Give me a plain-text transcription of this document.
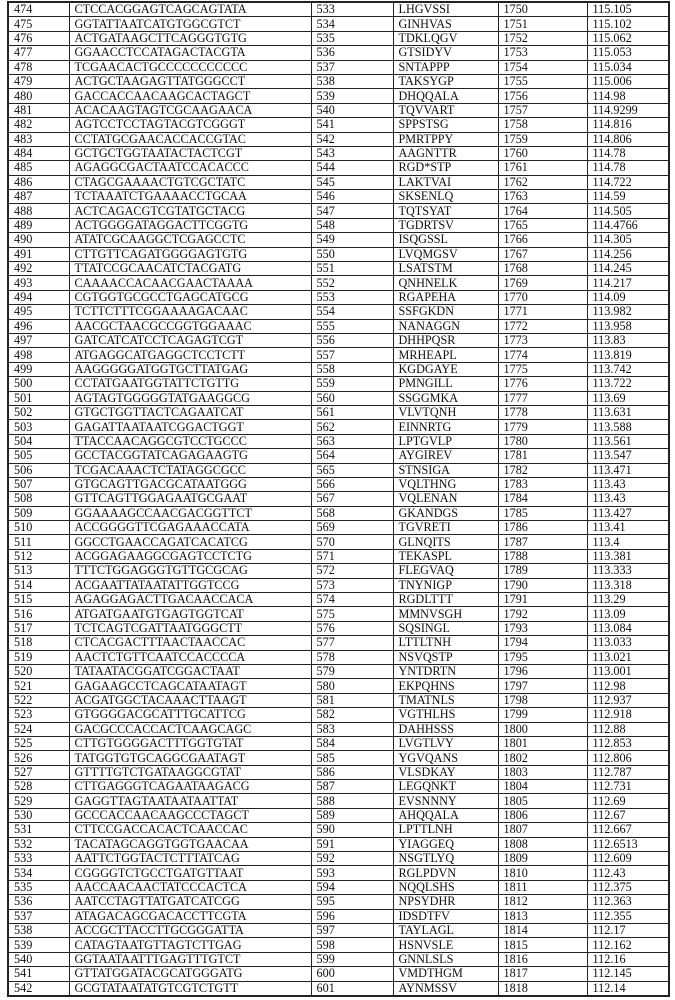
474	CTCCACGGAGTCAGCAGTATA	533	LHGVSSI	1750	115.105
475	GGTATTAATCATGTGGCGTCT	534	GINHVAS	1751	115.102
476	ACTGATAAGCTTCAGGGTGTG	535	TDKLQGV	1752	115.062
477	GGAACCTCCATAGACTACGTA	536	GTSIDYV	1753	115.053
478	TCGAACACTGCCCCCCCCCCC	537	SNTAPPP	1754	115.034
479	ACTGCTAAGAGTTATGGGCCT	538	TAKSYGP	1755	115.006
480	GACCACCAACAAGCACTAGCT	539	DHQQALA	1756	114.98
481	ACACAAGTAGTCGCAAGAACA	540	TQVVART	1757	114.9299
482	AGTCCTCCTAGTACGTCGGGT	541	SPPSTSG	1758	114.816
483	CCTATGCGAACACCACCGTAC	542	PMRTPPY	1759	114.806
484	GCTGCTGGTAATACTACTCGT	543	AAGNTTR	1760	114.78
485	AGAGGCGACTAATCCACACCC	544	RGD*STP	1761	114.78
486	CTAGCGAAAACTGTCGCTATC	545	LAKTVAI	1762	114.722
487	TCTAAATCTGAAAACCTGCAA	546	SKSENLQ	1763	114.59
488	ACTCAGACGTCGTATGCTACG	547	TQTSYAT	1764	114.505
489	ACTGGGGATAGGACTTCGGTG	548	TGDRTSV	1765	114.4766
490	ATATCGCAAGGCTCGAGCCTC	549	ISQGSSL	1766	114.305
491	CTTGTTCAGATGGGGAGTGTG	550	LVQMGSV	1767	114.256
492	TTATCCGCAACATCTACGATG	551	LSATSTM	1768	114.245
493	CAAAACCACAACGAACTAAAA	552	QNHNELK	1769	114.217
494	CGTGGTGCGCCTGAGCATGCG	553	RGAPEHA	1770	114.09
495	TCTTCTTTCGGAAAAGACAAC	554	SSFGKDN	1771	113.982
496	AACGCTAACGCCGGTGGAAAC	555	NANAGGN	1772	113.958
497	GATCATCATCCTCAGAGTCGT	556	DHHPQSR	1773	113.83
498	ATGAGGCATGAGGCTCCTCTT	557	MRHEAPL	1774	113.819
499	AAGGGGGATGGTGCTTATGAG	558	KGDGAYE	1775	113.742
500	CCTATGAATGGTATTCTGTTG	559	PMNGILL	1776	113.722
501	AGTAGTGGGGGTATGAAGGCG	560	SSGGMKA	1777	113.69
502	GTGCTGGTTACTCAGAATCAT	561	VLVTQNH	1778	113.631
503	GAGATTAATAATCGGACTGGT	562	EINNRTG	1779	113.588
504	TTACCAACAGGCGTCCTGCCC	563	LPTGVLP	1780	113.561
505	GCCTACGGTATCAGAGAAGTG	564	AYGIREV	1781	113.547
506	TCGACAAACTCTATAGGCGCC	565	STNSIGA	1782	113.471
507	GTGCAGTTGACGCATAATGGG	566	VQLTHNG	1783	113.43
508	GTTCAGTTGGAGAATGCGAAT	567	VQLENAN	1784	113.43
509	GGAAAAGCCAACGACGGTTCT	568	GKANDGS	1785	113.427
510	ACCGGGGTTCGAGAAACCATA	569	TGVRETI	1786	113.41
511	GGCCTGAACCAGATCACATCG	570	GLNQITS	1787	113.4
512	ACGGAGAAGGCGAGTCCTCTG	571	TEKASPL	1788	113.381
513	TTTCTGGAGGGTGTTGCGCAG	572	FLEGVAQ	1789	113.333
514	ACGAATTATAATATTGGTCCG	573	TNYNIGP	1790	113.318
515	AGAGGAGACTTGACAACCACA	574	RGDLTTT	1791	113.29
516	ATGATGAATGTGAGTGGTCAT	575	MMNVSGH	1792	113.09
517	TCTCAGTCGATTAATGGGCTT	576	SQSINGL	1793	113.084
518	CTCACGACTTTAACTAACCAC	577	LTTLTNH	1794	113.033
519	AACTCTGTTCAATCCACCCCA	578	NSVQSTP	1795	113.021
520	TATAATACGGATCGGACTAAT	579	YNTDRTN	1796	113.001
521	GAGAAGCCTCAGCATAATAGT	580	EKPQHNS	1797	112.98
522	ACGATGGCTACAAACTTAAGT	581	TMATNLS	1798	112.937
523	GTGGGGACGCATTTGCATTCG	582	VGTHLHS	1799	112.918
524	GACGCCCACCACTCAAGCAGC	583	DAHHSSS	1800	112.88
525	CTTGTGGGGACTTTGGTGTAT	584	LVGTLVY	1801	112.853
526	TATGGTGTGCAGGCGAATAGT	585	YGVQANS	1802	112.806
527	GTTTTGTCTGATAAGGCGTAT	586	VLSDKAY	1803	112.787
528	CTTGAGGGTCAGAATAAGACG	587	LEGQNKT	1804	112.731
529	GAGGTTAGTAATAATAATTAT	588	EVSNNNY	1805	112.69
530	GCCCACCAACAAGCCCTAGCT	589	AHQQALA	1806	112.67
531	CTTCCGACCACACTCAACCAC	590	LPTTLNH	1807	112.667
532	TACATAGCAGGTGGTGAACAA	591	YIAGGEQ	1808	112.6513
533	AATTCTGGTACTCTTTATCAG	592	NSGTLYQ	1809	112.609
534	CGGGGTCTGCCTGATGTTAAT	593	RGLPDVN	1810	112.43
535	AACCAACAACTATCCCACTCA	594	NQQLSHS	1811	112.375
536	AATCCTAGTTATGATCATCGG	595	NPSYDHR	1812	112.363
537	ATAGACAGCGACACCTTCGTA	596	IDSDTFV	1813	112.355
538	ACCGCTTACCTTGCGGGATTA	597	TAYLAGL	1814	112.17
539	CATAGTAATGTTAGTCTTGAG	598	HSNVSLE	1815	112.162
540	GGTAATAATTTGAGTTTGTCT	599	GNNLSLS	1816	112.16
541	GTTATGGATACGCATGGGATG	600	VMDTHGM	1817	112.145
542	GCGTATAATATGTCGTCTGTT	601	AYNMSSV	1818	112.14
